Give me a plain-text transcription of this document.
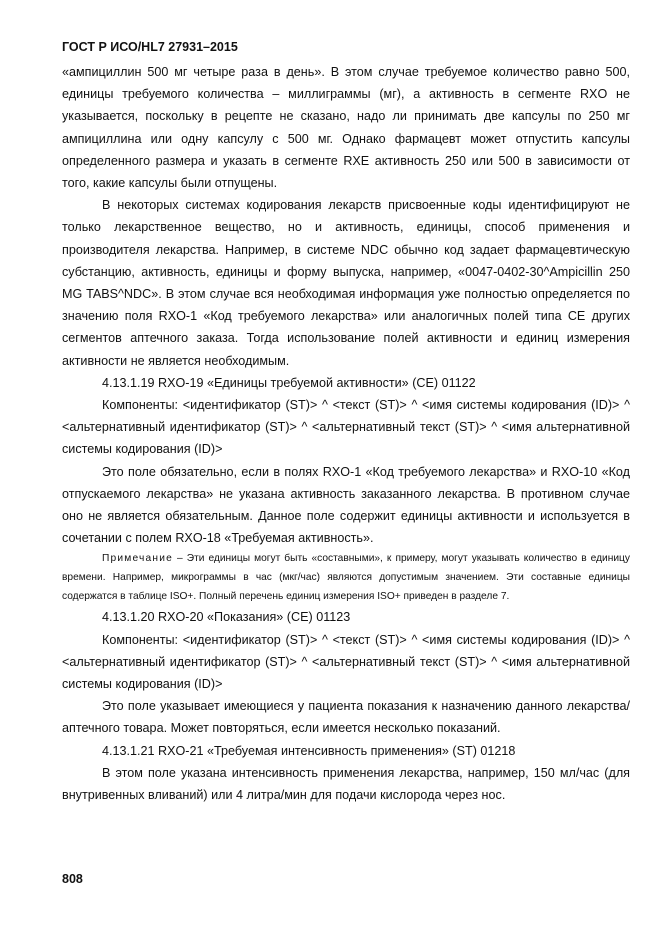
ГОСТ Р ИСО/HL7 27931–2015

«ампициллин 500 мг четыре раза в день». В этом случае требуемое количество равно 500, единицы требуемого количества – миллиграммы (мг), а активность в сегменте RXO не указывается, поскольку в рецепте не сказано, надо ли принимать две капсулы по 250 мг ампициллина или одну капсулу с 500 мг. Однако фармацевт может отпустить капсулы определенного размера и указать в сегменте RXE активность 250 или 500 в зависимости от того, какие капсулы были отпущены.

В некоторых системах кодирования лекарств присвоенные коды идентифицируют не только лекарственное вещество, но и активность, единицы, способ применения и производителя лекарства. Например, в системе NDC обычно код задает фармацевтическую субстанцию, активность, единицы и форму выпуска, например, «0047-0402-30^Ampicillin 250 MG TABS^NDC». В этом случае вся необходимая информация уже полностью определяется по значению поля RXO-1 «Код требуемого лекарства» или аналогичных полей типа CE других сегментов аптечного заказа. Тогда использование полей активности и единиц измерения активности не является необходимым.

4.13.1.19 RXO-19 «Единицы требуемой активности» (CE) 01122

Компоненты: <идентификатор (ST)> ^ <текст (ST)> ^ <имя системы кодирования (ID)> ^ <альтернативный идентификатор (ST)> ^ <альтернативный текст (ST)> ^ <имя альтернативной системы кодирования (ID)>

Это поле обязательно, если в полях RXO-1 «Код требуемого лекарства» и RXO-10 «Код отпускаемого лекарства» не указана активность заказанного лекарства. В противном случае оно не является обязательным. Данное поле содержит единицы активности и используется в сочетании с полем RXO-18 «Требуемая активность».

Примечание – Эти единицы могут быть «составными», к примеру, могут указывать количество в единицу времени. Например, микрограммы в час (мкг/час) являются допустимым значением. Эти составные единицы содержатся в таблице ISO+. Полный перечень единиц измерения ISO+ приведен в разделе 7.

4.13.1.20 RXO-20 «Показания» (CE) 01123

Компоненты: <идентификатор (ST)> ^ <текст (ST)> ^ <имя системы кодирования (ID)> ^ <альтернативный идентификатор (ST)> ^ <альтернативный текст (ST)> ^ <имя альтернативной системы кодирования (ID)>

Это поле указывает имеющиеся у пациента показания к назначению данного лекарства/аптечного товара. Может повторяться, если имеется несколько показаний.

4.13.1.21 RXO-21 «Требуемая интенсивность применения» (ST) 01218

В этом поле указана интенсивность применения лекарства, например, 150 мл/час (для внутривенных вливаний) или 4 литра/мин для подачи кислорода через нос.

808
